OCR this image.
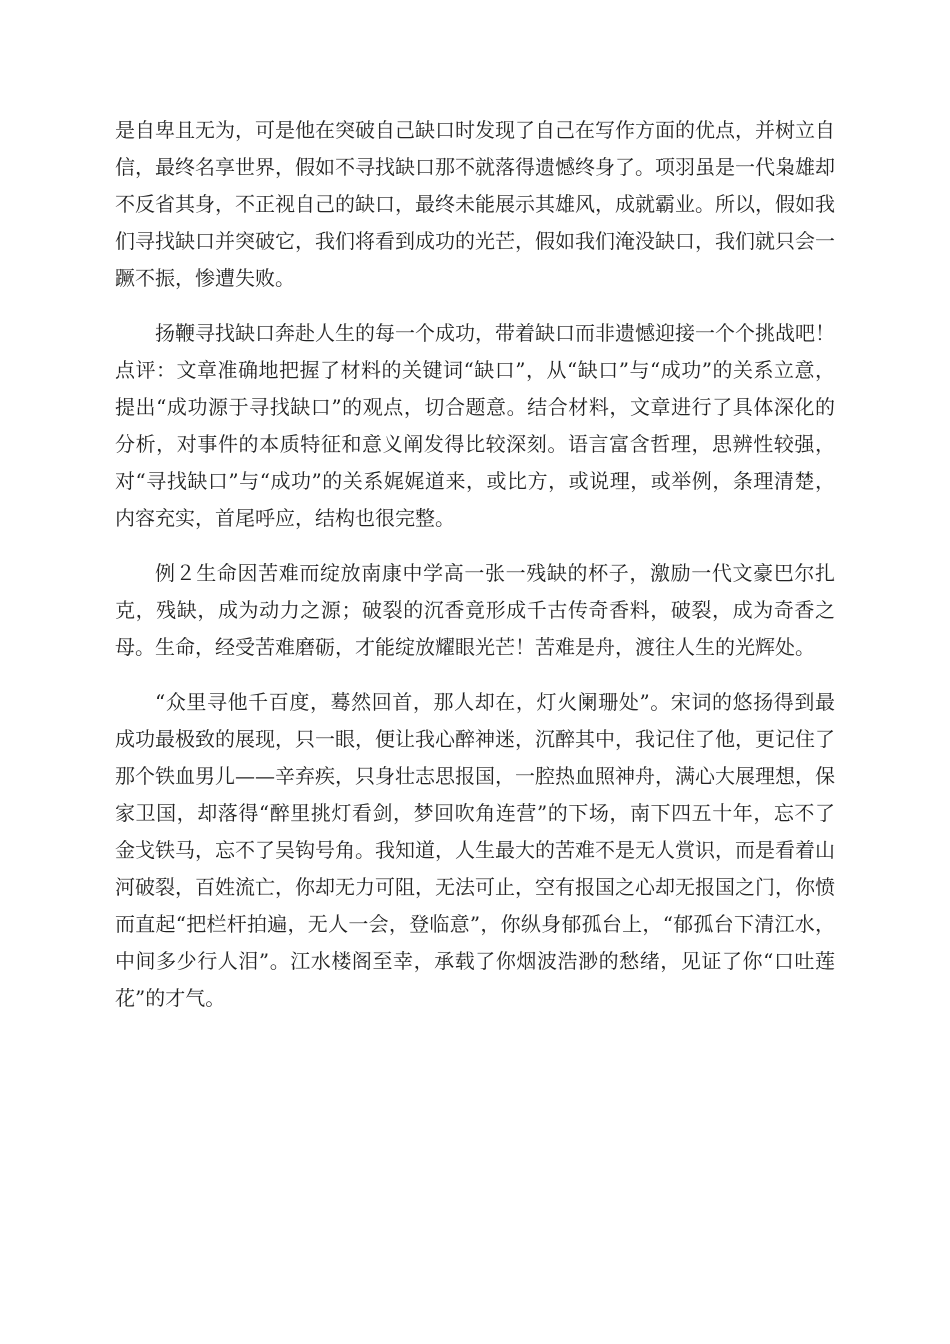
是自卑且无为，可是他在突破自己缺口时发现了自己在写作方面的优点，并树立自信，最终名享世界，假如不寻找缺口那不就落得遗憾终身了。项羽虽是一代枭雄却不反省其身，不正视自己的缺口，最终未能展示其雄风，成就霸业。所以，假如我们寻找缺口并突破它，我们将看到成功的光芒，假如我们淹没缺口，我们就只会一蹶不振，惨遭失败。

扬鞭寻找缺口奔赴人生的每一个成功，带着缺口而非遗憾迎接一个个挑战吧！点评：文章准确地把握了材料的关键词“缺口”，从“缺口”与“成功”的关系立意，提出“成功源于寻找缺口”的观点，切合题意。结合材料，文章进行了具体深化的分析，对事件的本质特征和意义阐发得比较深刻。语言富含哲理，思辨性较强，对“寻找缺口”与“成功”的关系娓娓道来，或比方，或说理，或举例，条理清楚，内容充实，首尾呼应，结构也很完整。

例２生命因苦难而绽放南康中学高一张一残缺的杯子，激励一代文豪巴尔扎克，残缺，成为动力之源；破裂的沉香竟形成千古传奇香料，破裂，成为奇香之母。生命，经受苦难磨砺，才能绽放耀眼光芒！苦难是舟，渡往人生的光辉处。

“众里寻他千百度，蓦然回首，那人却在，灯火阑珊处”。宋词的悠扬得到最成功最极致的展现，只一眼，便让我心醉神迷，沉醉其中，我记住了他，更记住了那个铁血男儿——辛弃疾，只身壮志思报国，一腔热血照神舟，满心大展理想，保家卫国，却落得“醉里挑灯看剑，梦回吹角连营”的下场，南下四五十年，忘不了金戈铁马，忘不了吴钩号角。我知道，人生最大的苦难不是无人赏识，而是看着山河破裂，百姓流亡，你却无力可阻，无法可止，空有报国之心却无报国之门，你愤而直起“把栏杆拍遍，无人一会，登临意”，你纵身郁孤台上，“郁孤台下清江水，中间多少行人泪”。江水楼阁至幸，承载了你烟波浩渺的愁绪，见证了你“口吐莲花”的才气。
